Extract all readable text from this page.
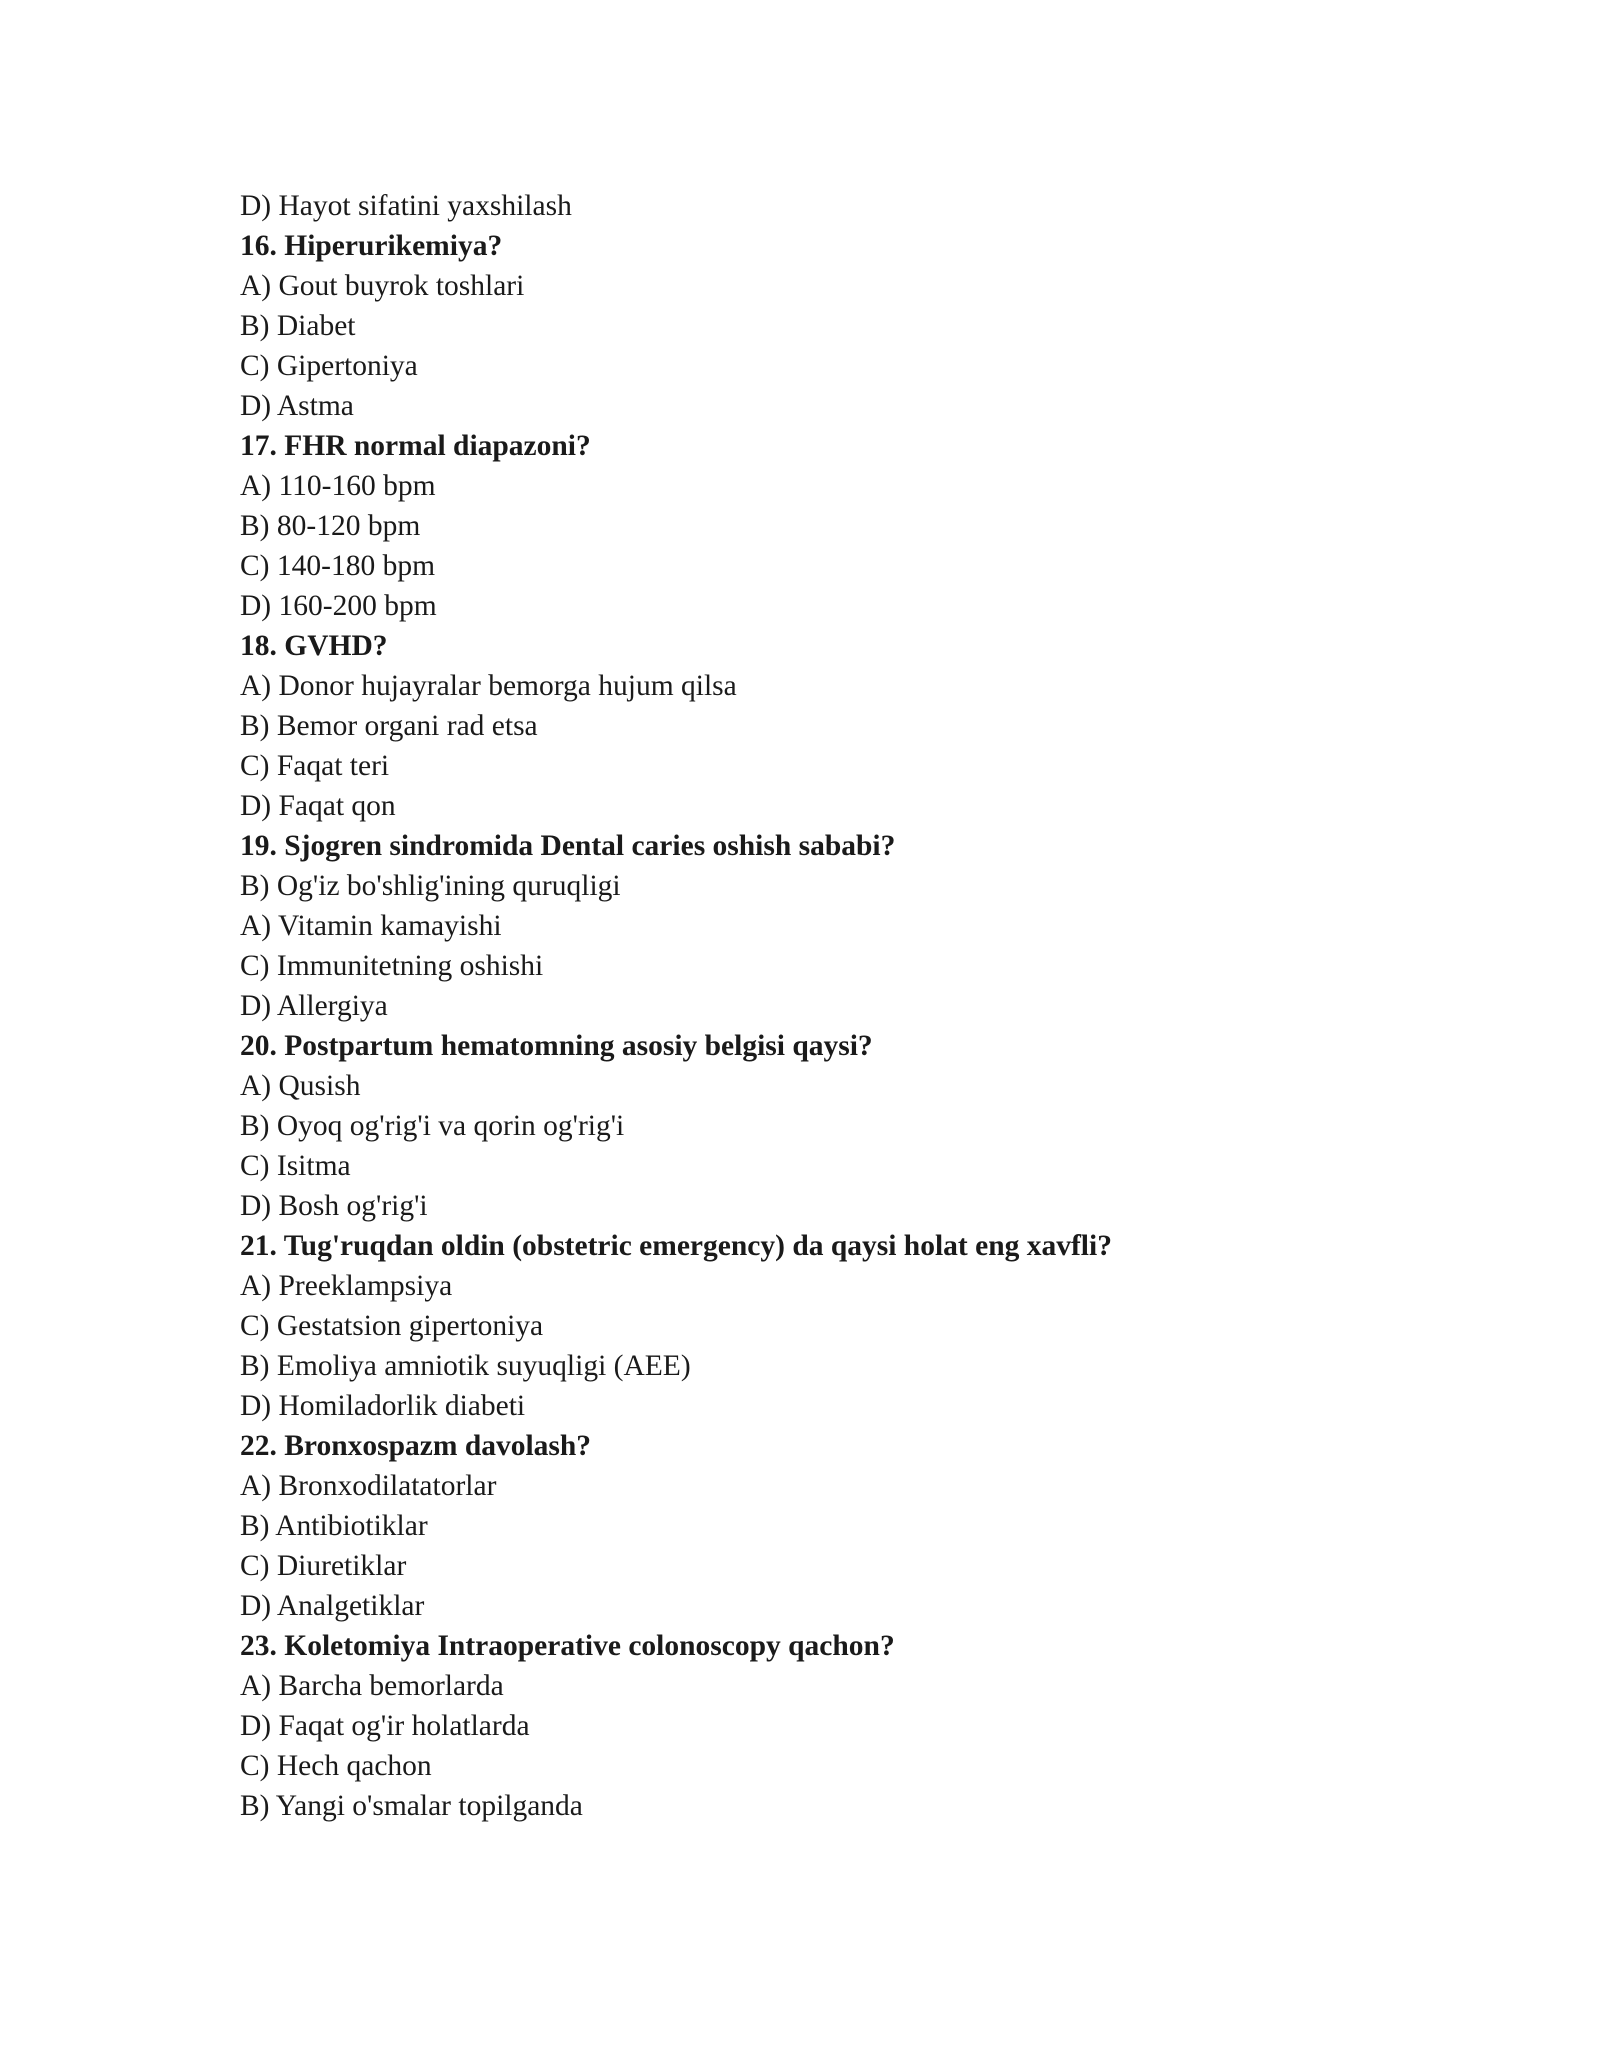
D) Hayot sifatini yaxshilash
16. Hiperurikemiya?
A) Gout buyrok toshlari
B) Diabet
C) Gipertoniya
D) Astma
17. FHR normal diapazoni?
A) 110-160 bpm
B) 80-120 bpm
C) 140-180 bpm
D) 160-200 bpm
18. GVHD?
A) Donor hujayralar bemorga hujum qilsa
B) Bemor organi rad etsa
C) Faqat teri
D) Faqat qon
19. Sjogren sindromida Dental caries oshish sababi?
B) Og'iz bo'shlig'ining quruqligi
A) Vitamin kamayishi
C) Immunitetning oshishi
D) Allergiya
20. Postpartum hematomning asosiy belgisi qaysi?
A) Qusish
B) Oyoq og'rig'i va qorin og'rig'i
C) Isitma
D) Bosh og'rig'i
21. Tug'ruqdan oldin (obstetric emergency) da qaysi holat eng xavfli?
A) Preeklampsiya
C) Gestatsion gipertoniya
B) Emoliya amniotik suyuqligi (AEE)
D) Homiladorlik diabeti
22. Bronxospazm davolash?
A) Bronxodilatatorlar
B) Antibiotiklar
C) Diuretiklar
D) Analgetiklar
23. Koletomiya Intraoperative colonoscopy qachon?
A) Barcha bemorlarda
D) Faqat og'ir holatlarda
C) Hech qachon
B) Yangi o'smalar topilganda
